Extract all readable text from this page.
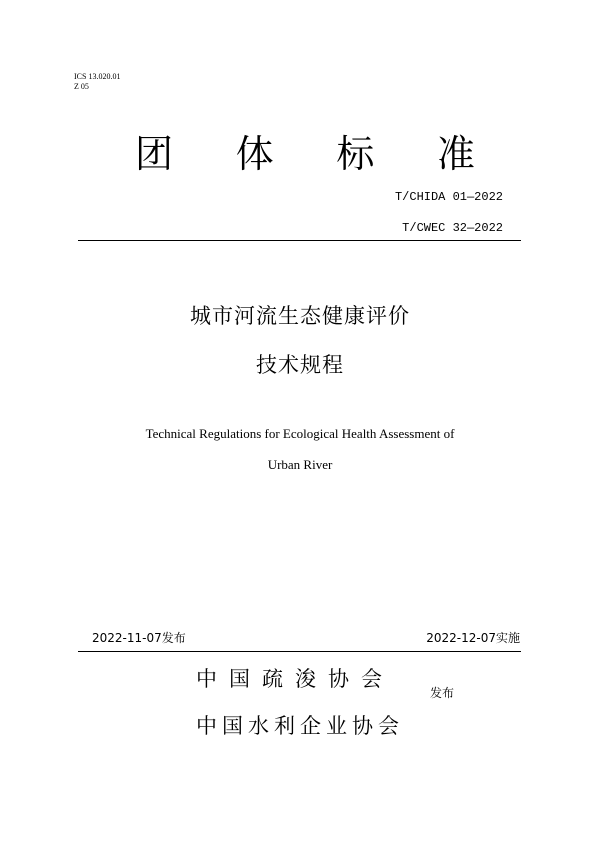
ICS 13.020.01
Z 05
团 体 标 准
T/CHIDA 01—2022
T/CWEC 32—2022
城市河流生态健康评价
技术规程
Technical Regulations for Ecological Health Assessment of
Urban River
2022-11-07发布	2022-12-07实施
中国疏浚协会
中国水利企业协会
发布
